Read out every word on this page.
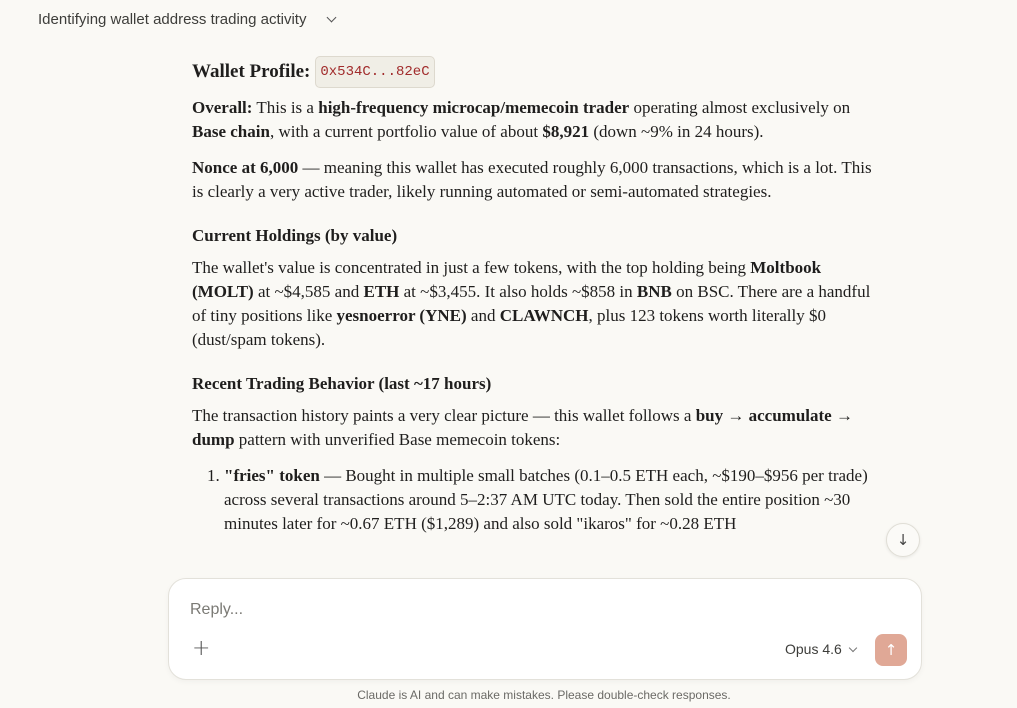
Identifying wallet address trading activity
Wallet Profile: 0x534C...82eC

Overall: This is a high-frequency microcap/memecoin trader operating almost exclusively on Base chain, with a current portfolio value of about $8,921 (down ~9% in 24 hours).

Nonce at 6,000 — meaning this wallet has executed roughly 6,000 transactions, which is a lot. This is clearly a very active trader, likely running automated or semi-automated strategies.

Current Holdings (by value)

The wallet's value is concentrated in just a few tokens, with the top holding being Moltbook (MOLT) at ~$4,585 and ETH at ~$3,455. It also holds ~$858 in BNB on BSC. There are a handful of tiny positions like yesnoerror (YNE) and CLAWNCH, plus 123 tokens worth literally $0 (dust/spam tokens).

Recent Trading Behavior (last ~17 hours)

The transaction history paints a very clear picture — this wallet follows a buy → accumulate → dump pattern with unverified Base memecoin tokens:

1. "fries" token — Bought in multiple small batches (0.1–0.5 ETH each, ~$190–$956 per trade) across several transactions around 5–2:37 AM UTC today. Then sold the entire position ~30 minutes later for ~0.67 ETH ($1,289) and also sold "ikaros" for ~0.28 ETH
↓
Reply...
+	Opus 4.6	↑
Claude is AI and can make mistakes. Please double-check responses.
